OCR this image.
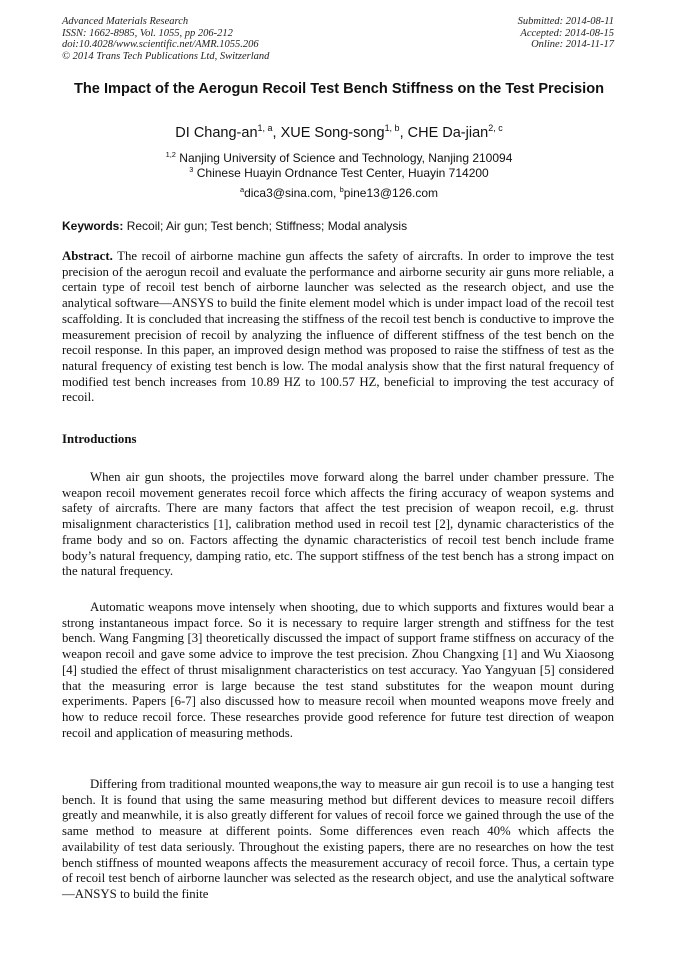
Advanced Materials Research
ISSN: 1662-8985, Vol. 1055, pp 206-212
doi:10.4028/www.scientific.net/AMR.1055.206
© 2014 Trans Tech Publications Ltd, Switzerland
Submitted: 2014-08-11
Accepted: 2014-08-15
Online: 2014-11-17
The Impact of the Aerogun Recoil Test Bench Stiffness on the Test Precision
DI Chang-an$^{1, a}$, XUE Song-song$^{1, b}$, CHE Da-jian$^{2, c}$
$^{1,2}$ Nanjing University of Science and Technology, Nanjing 210094
$^3$ Chinese Huayin Ordnance Test Center, Huayin 714200
$^a$dica3@sina.com, $^b$pine13@126.com
Keywords: Recoil; Air gun; Test bench; Stiffness; Modal analysis
Abstract. The recoil of airborne machine gun affects the safety of aircrafts. In order to improve the test precision of the aerogun recoil and evaluate the performance and airborne security air guns more reliable, a certain type of recoil test bench of airborne launcher was selected as the research object, and use the analytical software—ANSYS to build the finite element model which is under impact load of the recoil test scaffolding. It is concluded that increasing the stiffness of the recoil test bench is conductive to improve the measurement precision of recoil by analyzing the influence of different stiffness of the test bench on the recoil response. In this paper, an improved design method was proposed to raise the stiffness of test as the natural frequency of existing test bench is low. The modal analysis show that the first natural frequency of modified test bench increases from 10.89 HZ to 100.57 HZ, beneficial to improving the test accuracy of recoil.
Introductions
When air gun shoots, the projectiles move forward along the barrel under chamber pressure. The weapon recoil movement generates recoil force which affects the firing accuracy of weapon systems and safety of aircrafts. There are many factors that affect the test precision of weapon recoil, e.g. thrust misalignment characteristics [1], calibration method used in recoil test [2], dynamic characteristics of the frame body and so on. Factors affecting the dynamic characteristics of recoil test bench include frame body’s natural frequency, damping ratio, etc. The support stiffness of the test bench has a strong impact on the natural frequency.
Automatic weapons move intensely when shooting, due to which supports and fixtures would bear a strong instantaneous impact force. So it is necessary to require larger strength and stiffness for the test bench. Wang Fangming [3] theoretically discussed the impact of support frame stiffness on accuracy of the weapon recoil and gave some advice to improve the test precision. Zhou Changxing [1] and Wu Xiaosong [4] studied the effect of thrust misalignment characteristics on test accuracy. Yao Yangyuan [5] considered that the measuring error is large because the test stand substitutes for the weapon mount during experiments. Papers [6-7] also discussed how to measure recoil when mounted weapons move freely and how to reduce recoil force. These researches provide good reference for future test direction of weapon recoil and application of measuring methods.
Differing from traditional mounted weapons,the way to measure air gun recoil is to use a hanging test bench. It is found that using the same measuring method but different devices to measure recoil differs greatly and meanwhile, it is also greatly different for values of recoil force we gained through the use of the same method to measure at different points. Some differences even reach 40% which affects the availability of test data seriously. Throughout the existing papers, there are no researches on how the test bench stiffness of mounted weapons affects the measurement accuracy of recoil force. Thus, a certain type of recoil test bench of airborne launcher was selected as the research object, and use the analytical software—ANSYS to build the finite
